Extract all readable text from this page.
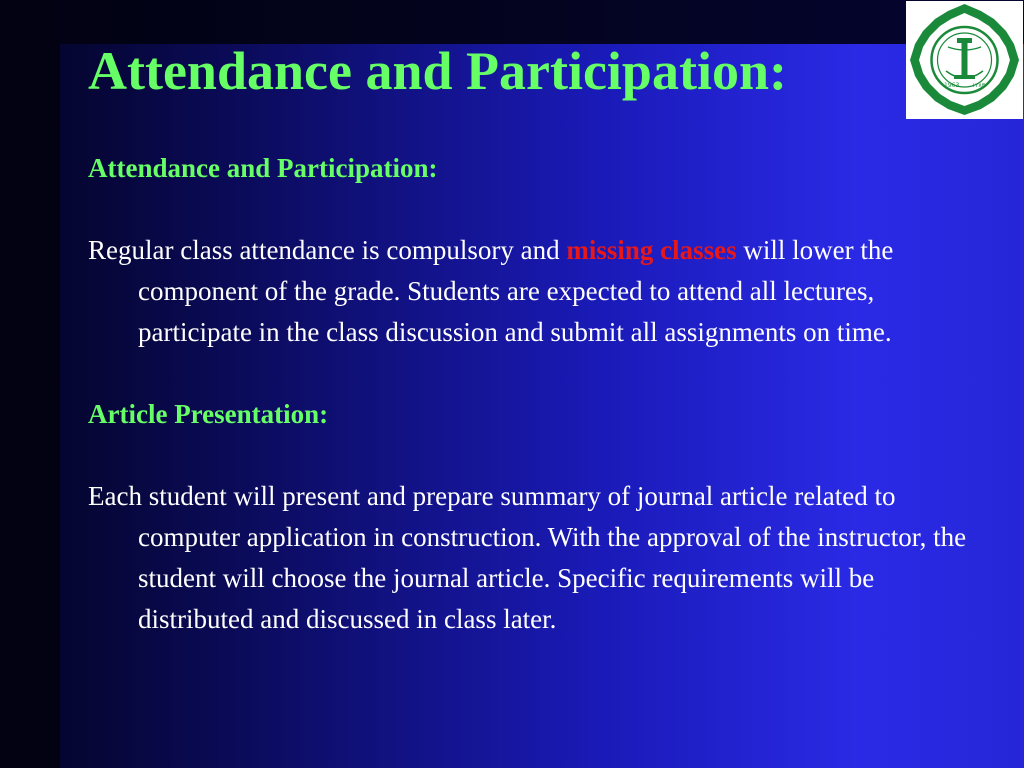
Attendance and Participation:	1963 ١٣٨٣

Attendance and Participation:

Regular class attendance is compulsory and missing classes will lower the component of the grade. Students are expected to attend all lectures, participate in the class discussion and submit all assignments on time.

Article Presentation:

Each student will present and prepare summary of journal article related to computer application in construction. With the approval of the instructor, the student will choose the journal article. Specific requirements will be distributed and discussed in class later.
